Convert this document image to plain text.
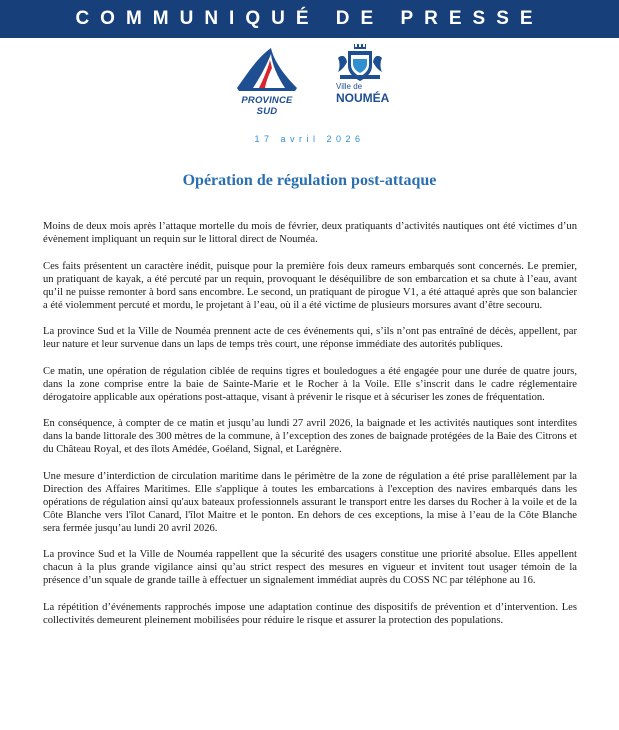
COMMUNIQUÉ DE PRESSE
PROVINCE SUD
Ville de
NOUMÉA
17 avril 2026
Opération de régulation post-attaque

Moins de deux mois après l’attaque mortelle du mois de février, deux pratiquants d’activités nautiques ont été victimes d’un évènement impliquant un requin sur le littoral direct de Nouméa.

Ces faits présentent un caractère inédit, puisque pour la première fois deux rameurs embarqués sont concernés. Le premier, un pratiquant de kayak, a été percuté par un requin, provoquant le déséquilibre de son embarcation et sa chute à l’eau, avant qu’il ne puisse remonter à bord sans encombre. Le second, un pratiquant de pirogue V1, a été attaqué après que son balancier a été violemment percuté et mordu, le projetant à l’eau, où il a été victime de plusieurs morsures avant d’être secouru.

La province Sud et la Ville de Nouméa prennent acte de ces événements qui, s’ils n’ont pas entraîné de décès, appellent, par leur nature et leur survenue dans un laps de temps très court, une réponse immédiate des autorités publiques.

Ce matin, une opération de régulation ciblée de requins tigres et bouledogues a été engagée pour une durée de quatre jours, dans la zone comprise entre la baie de Sainte-Marie et le Rocher à la Voile. Elle s’inscrit dans le cadre réglementaire dérogatoire applicable aux opérations post-attaque, visant à prévenir le risque et à sécuriser les zones de fréquentation.

En conséquence, à compter de ce matin et jusqu’au lundi 27 avril 2026, la baignade et les activités nautiques sont interdites dans la bande littorale des 300 mètres de la commune, à l’exception des zones de baignade protégées de la Baie des Citrons et du Château Royal, et des îlots Amédée, Goéland, Signal, et Larégnère.

Une mesure d’interdiction de circulation maritime dans le périmètre de la zone de régulation a été prise parallèlement par la Direction des Affaires Maritimes. Elle s'applique à toutes les embarcations à l'exception des navires embarqués dans les opérations de régulation ainsi qu'aux bateaux professionnels assurant le transport entre les darses du Rocher à la voile et de la Côte Blanche vers l'îlot Canard, l'îlot Maitre et le ponton. En dehors de ces exceptions, la mise à l’eau de la Côte Blanche sera fermée jusqu’au lundi 20 avril 2026.

La province Sud et la Ville de Nouméa rappellent que la sécurité des usagers constitue une priorité absolue. Elles appellent chacun à la plus grande vigilance ainsi qu’au strict respect des mesures en vigueur et invitent tout usager témoin de la présence d’un squale de grande taille à effectuer un signalement immédiat auprès du COSS NC par téléphone au 16.

La répétition d’événements rapprochés impose une adaptation continue des dispositifs de prévention et d’intervention. Les collectivités demeurent pleinement mobilisées pour réduire le risque et assurer la protection des populations.
